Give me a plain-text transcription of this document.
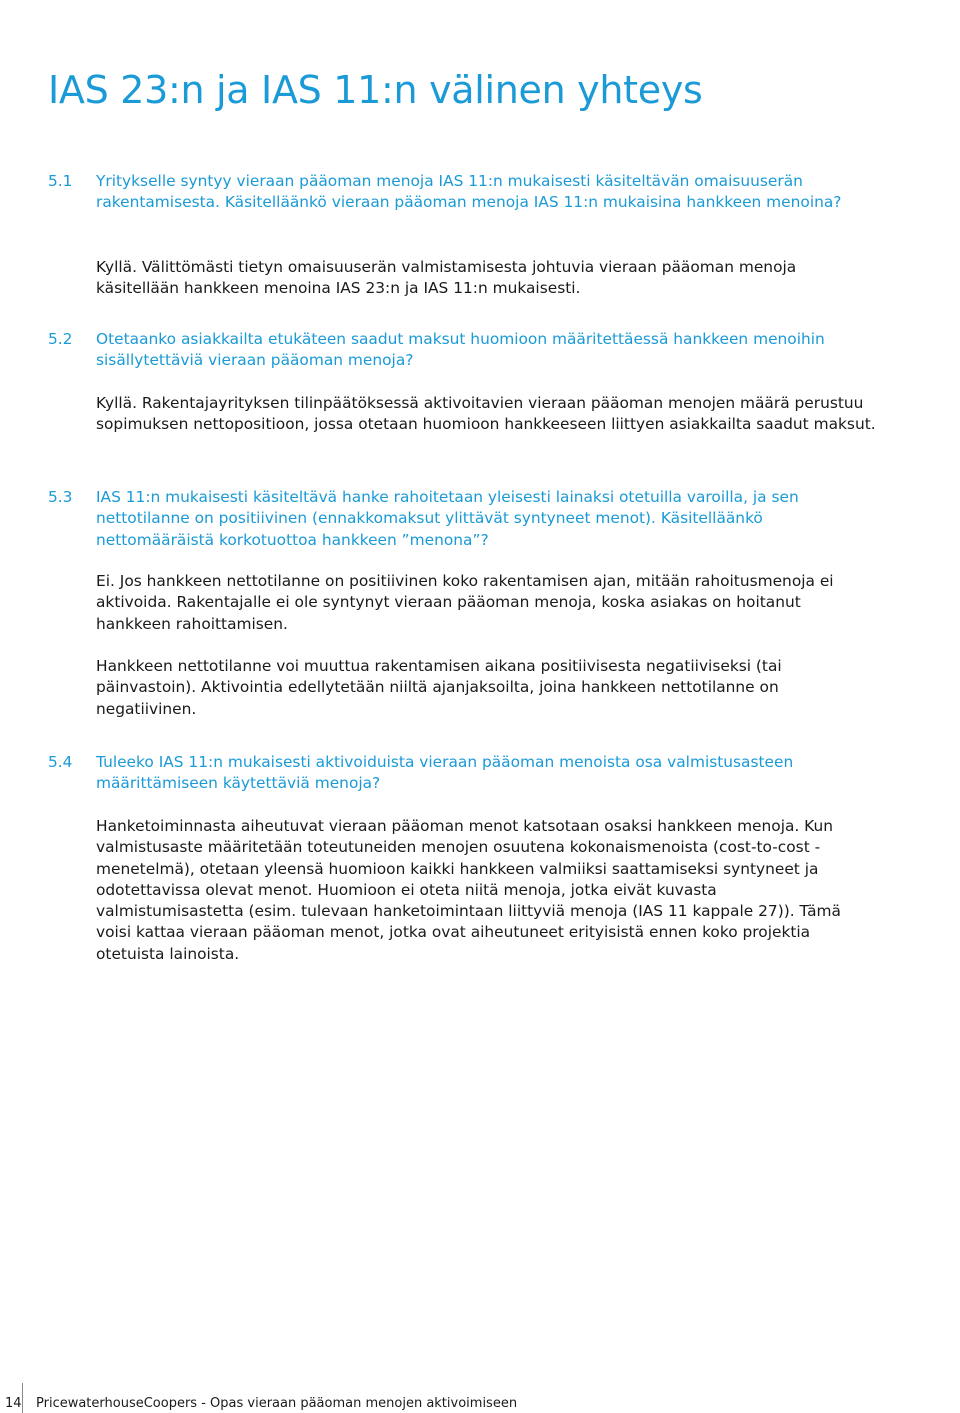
IAS 23:n ja IAS 11:n välinen yhteys
5.1 Yritykselle syntyy vieraan pääoman menoja IAS 11:n mukaisesti käsiteltävän omaisuuserän rakentamisesta. Käsitelläänkö vieraan pääoman menoja IAS 11:n mukaisina hankkeen menoina?

Kyllä. Välittömästi tietyn omaisuuserän valmistamisesta johtuvia vieraan pääoman menoja käsitellään hankkeen menoina IAS 23:n ja IAS 11:n mukaisesti.

5.2 Otetaanko asiakkailta etukäteen saadut maksut huomioon määritettäessä hankkeen menoihin sisällytettäviä vieraan pääoman menoja?

Kyllä. Rakentajayrityksen tilinpäätöksessä aktivoitavien vieraan pääoman menojen määrä perustuu sopimuksen nettopositioon, jossa otetaan huomioon hankkeeseen liittyen asiakkailta saadut maksut.

5.3 IAS 11:n mukaisesti käsiteltävä hanke rahoitetaan yleisesti lainaksi otetuilla varoilla, ja sen nettotilanne on positiivinen (ennakkomaksut ylittävät syntyneet menot). Käsitelläänkö nettomääräistä korkotuottoa hankkeen ”menona”?

Ei. Jos hankkeen nettotilanne on positiivinen koko rakentamisen ajan, mitään rahoitusmenoja ei aktivoida. Rakentajalle ei ole syntynyt vieraan pääoman menoja, koska asiakas on hoitanut hankkeen rahoittamisen.

Hankkeen nettotilanne voi muuttua rakentamisen aikana positiivisesta negatiiviseksi (tai päinvastoin). Aktivointia edellytetään niiltä ajanjaksoilta, joina hankkeen nettotilanne on negatiivinen.

5.4 Tuleeko IAS 11:n mukaisesti aktivoiduista vieraan pääoman menoista osa valmistusasteen määrittämiseen käytettäviä menoja?

Hanketoiminnasta aiheutuvat vieraan pääoman menot katsotaan osaksi hankkeen menoja. Kun valmistusaste määritetään toteutuneiden menojen osuutena kokonaismenoista (cost-to-cost -menetelmä), otetaan yleensä huomioon kaikki hankkeen valmiiksi saattamiseksi syntyneet ja odotettavissa olevat menot. Huomioon ei oteta niitä menoja, jotka eivät kuvasta valmistumisastetta (esim. tulevaan hanketoimintaan liittyviä menoja (IAS 11 kappale 27)). Tämä voisi kattaa vieraan pääoman menot, jotka ovat aiheutuneet erityisistä ennen koko projektia otetuista lainoista.

14 PricewaterhouseCoopers - Opas vieraan pääoman menojen aktivoimiseen
